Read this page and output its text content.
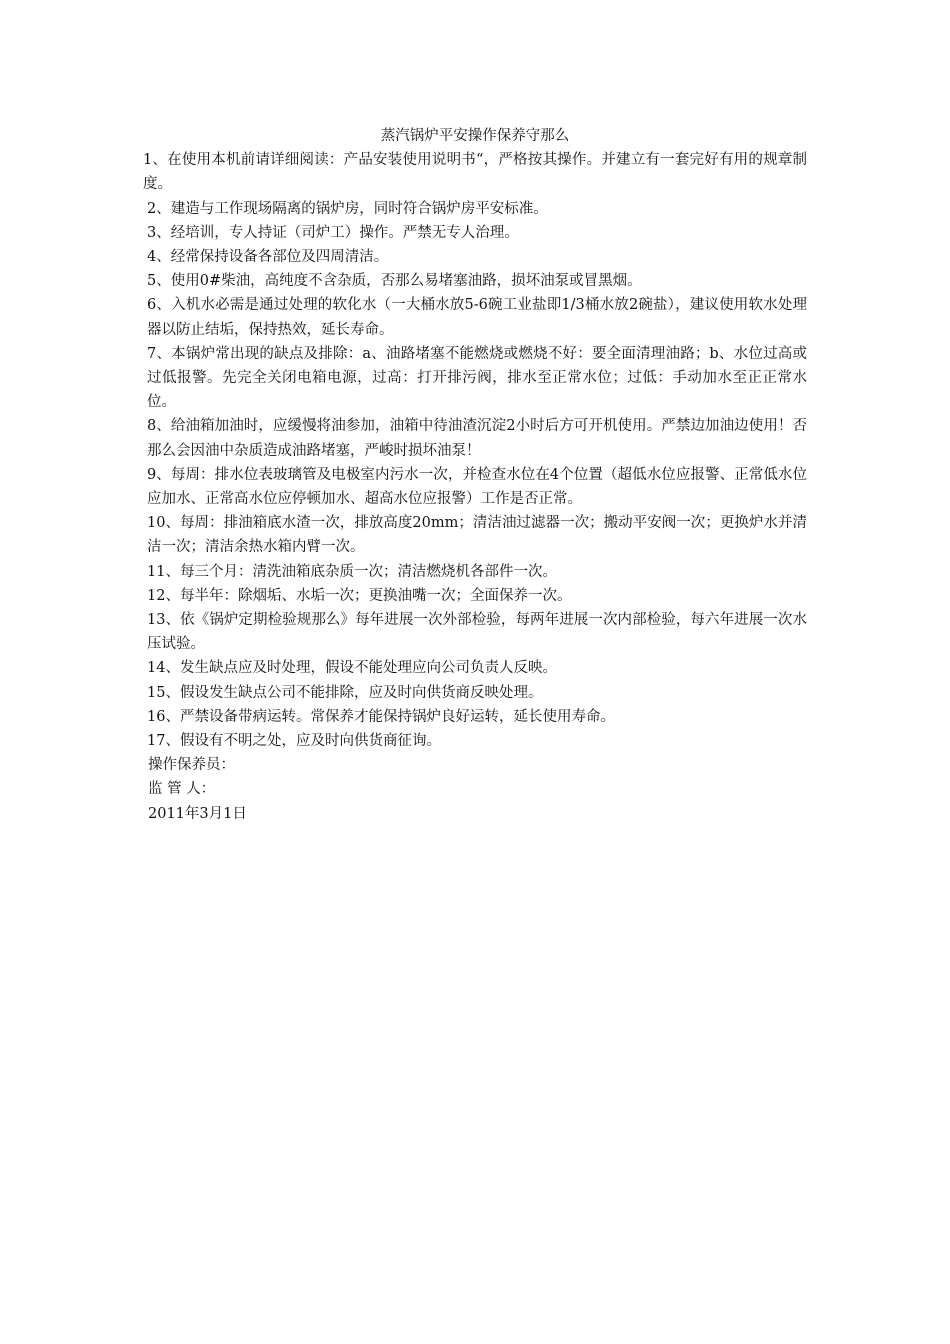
蒸汽锅炉平安操作保养守那么

1、在使用本机前请详细阅读：产品安装使用说明书“，严格按其操作。并建立有一套完好有用的规章制度。

2、建造与工作现场隔离的锅炉房，同时符合锅炉房平安标准。

3、经培训，专人持证（司炉工）操作。严禁无专人治理。

4、经常保持设备各部位及四周清洁。

5、使用0#柴油，高纯度不含杂质，否那么易堵塞油路，损坏油泵或冒黑烟。

6、入机水必需是通过处理的软化水（一大桶水放5-6碗工业盐即1/3桶水放2碗盐），建议使用软水处理器以防止结垢，保持热效，延长寿命。

7、本锅炉常出现的缺点及排除：a、油路堵塞不能燃烧或燃烧不好：要全面清理油路；b、水位过高或过低报警。先完全关闭电箱电源，过高：打开排污阀，排水至正常水位；过低：手动加水至正正常水位。

8、给油箱加油时，应缓慢将油参加，油箱中待油渣沉淀2小时后方可开机使用。严禁边加油边使用！否那么会因油中杂质造成油路堵塞，严峻时损坏油泵！

9、每周：排水位表玻璃管及电极室内污水一次，并检查水位在4个位置（超低水位应报警、正常低水位应加水、正常高水位应停顿加水、超高水位应报警）工作是否正常。

10、每周：排油箱底水渣一次，排放高度20mm；清洁油过滤器一次；搬动平安阀一次；更换炉水并清洁一次；清洁余热水箱内臂一次。

11、每三个月：清洗油箱底杂质一次；清洁燃烧机各部件一次。

12、每半年：除烟垢、水垢一次；更换油嘴一次；全面保养一次。

13、依《锅炉定期检验规那么》每年进展一次外部检验，每两年进展一次内部检验，每六年进展一次水压试验。

14、发生缺点应及时处理，假设不能处理应向公司负责人反映。

15、假设发生缺点公司不能排除，应及时向供货商反映处理。

16、严禁设备带病运转。常保养才能保持锅炉良好运转，延长使用寿命。

17、假设有不明之处，应及时向供货商征询。

操作保养员：

监 管 人：

2011年3月1日
